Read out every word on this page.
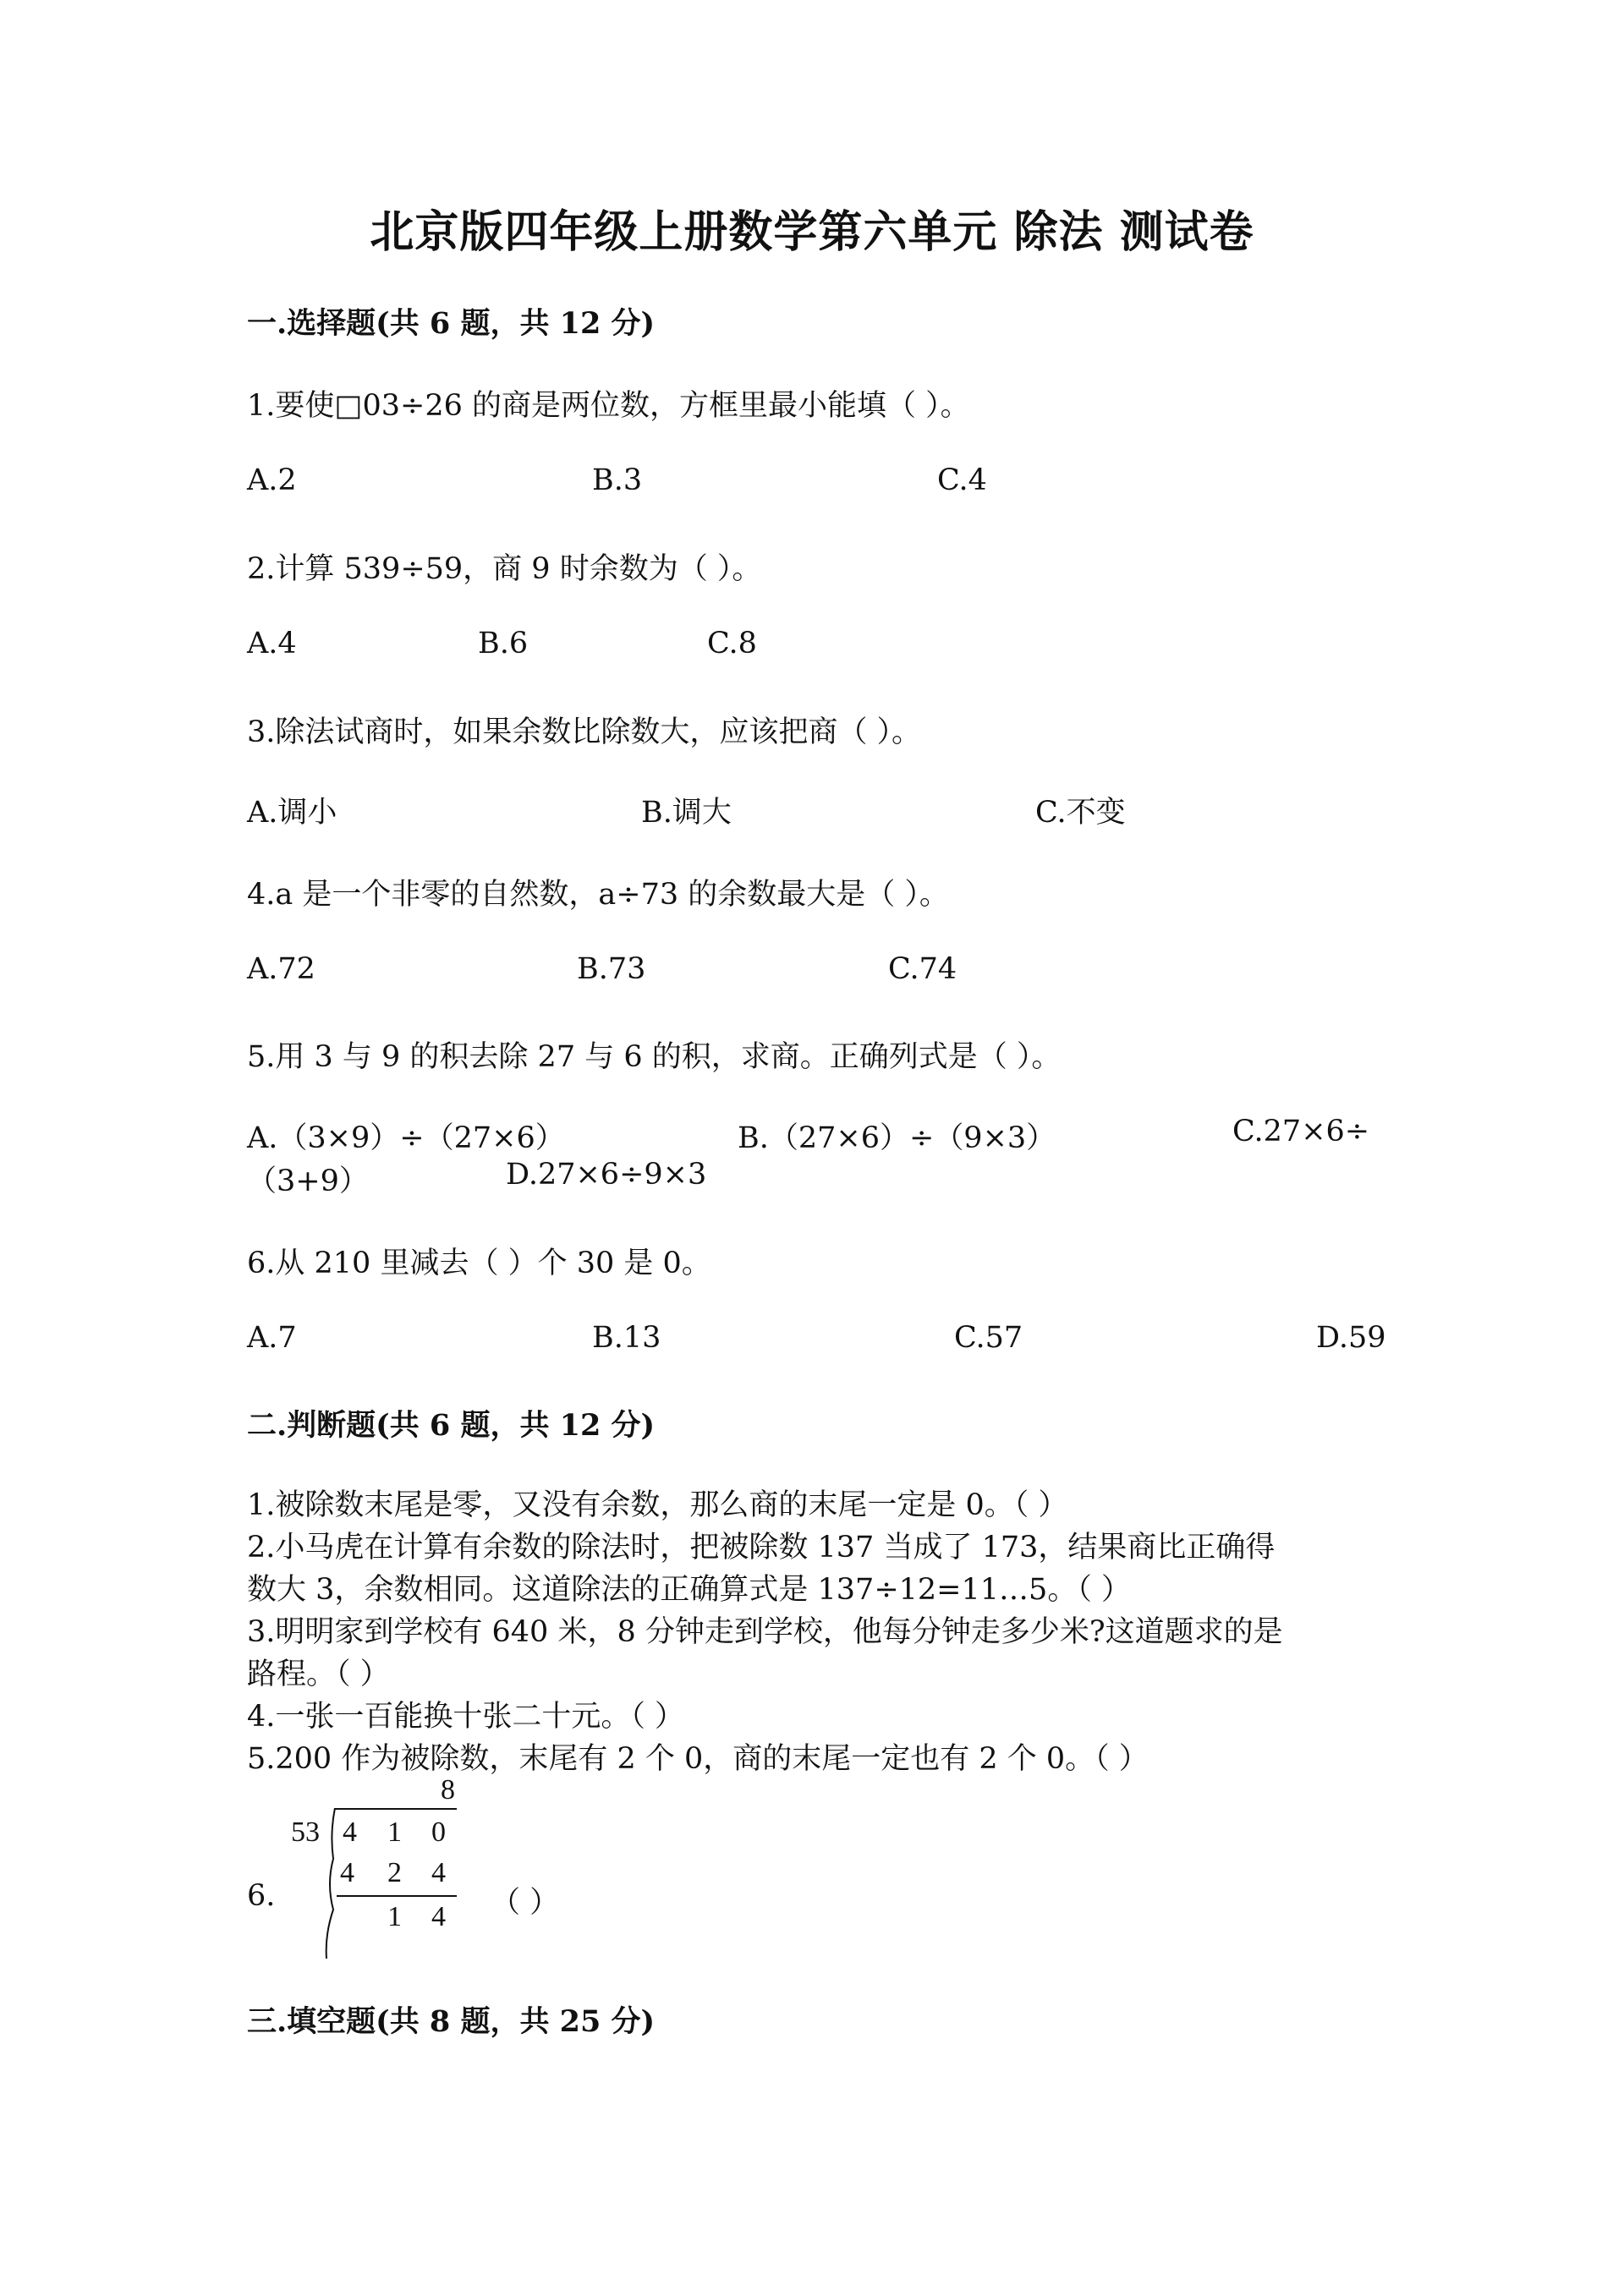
北京版四年级上册数学第六单元 除法 测试卷
一.选择题(共 6 题，共 12 分)
1.要使□03÷26 的商是两位数，方框里最小能填（ ）。
A.2	B.3	C.4
2.计算 539÷59，商 9 时余数为（ ）。
A.4	B.6	C.8
3.除法试商时，如果余数比除数大，应该把商（ ）。
A.调小	B.调大	C.不变
4.a 是一个非零的自然数，a÷73 的余数最大是（ ）。
A.72	B.73	C.74
5.用 3 与 9 的积去除 27 与 6 的积，求商。正确列式是（ ）。
A.（3×9）÷（27×6）	B.（27×6）÷（9×3）	C.27×6÷
（3+9）	D.27×6÷9×3
6.从 210 里减去（ ）个 30 是 0。
A.7	B.13	C.57	D.59
二.判断题(共 6 题，共 12 分)
1.被除数末尾是零，又没有余数，那么商的末尾一定是 0。（ ）
2.小马虎在计算有余数的除法时，把被除数 137 当成了 173，结果商比正确得
数大 3，余数相同。这道除法的正确算式是 137÷12=11…5。（ ）
3.明明家到学校有 640 米，8 分钟走到学校，他每分钟走多少米?这道题求的是
路程。（ ）
4.一张一百能换十张二十元。（ ）
5.200 作为被除数，末尾有 2 个 0，商的末尾一定也有 2 个 0。（ ）
6.
8
53 4 1 0
4 2 4
1 4 （ ）
三.填空题(共 8 题，共 25 分)
